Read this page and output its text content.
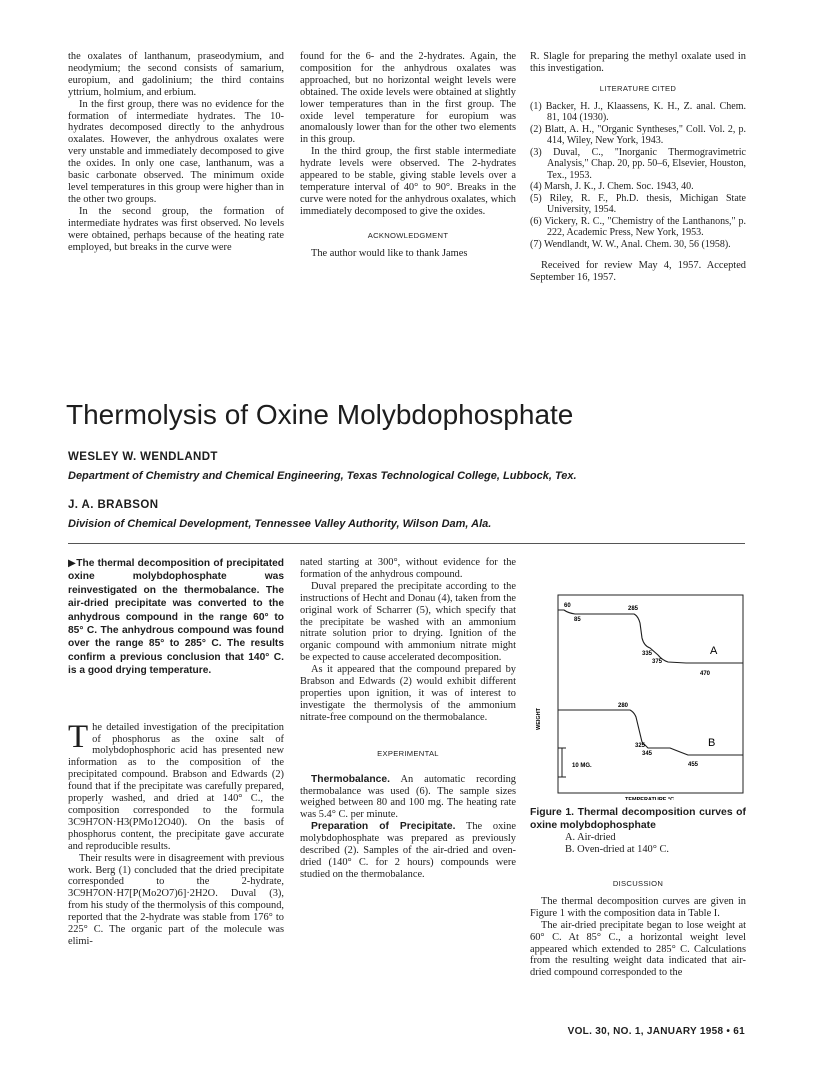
the oxalates of lanthanum, praseodymium, and neodymium; the second consists of samarium, europium, and gadolinium; the third contains yttrium, holmium, and erbium.

In the first group, there was no evidence for the formation of intermediate hydrates. The 10-hydrates decomposed directly to the anhydrous oxalates. However, the anhydrous oxalates were very unstable and immediately decomposed to give the oxides. In only one case, lanthanum, was a basic carbonate observed. The minimum oxide level temperatures in this group were higher than in the other two groups.

In the second group, the formation of intermediate hydrates was first observed. No levels were obtained, perhaps because of the heating rate employed, but breaks in the curve were

found for the 6- and the 2-hydrates. Again, the composition for the anhydrous oxalates was approached, but no horizontal weight levels were obtained. The oxide levels were obtained at slightly lower temperatures than in the first group. The oxide level temperature for europium was anomalously lower than for the other two elements in this group.

In the third group, the first stable intermediate hydrate levels were observed. The 2-hydrates appeared to be stable, giving stable levels over a temperature interval of 40° to 90°. Breaks in the curve were noted for the anhydrous oxalates, which immediately decomposed to give the oxides.

ACKNOWLEDGMENT

The author would like to thank James

R. Slagle for preparing the methyl oxalate used in this investigation.

LITERATURE CITED

(1) Backer, H. J., Klaassens, K. H., Z. anal. Chem. 81, 104 (1930).

(2) Blatt, A. H., "Organic Syntheses," Coll. Vol. 2, p. 414, Wiley, New York, 1943.

(3) Duval, C., "Inorganic Thermogravimetric Analysis," Chap. 20, pp. 50–6, Elsevier, Houston, Tex., 1953.

(4) Marsh, J. K., J. Chem. Soc. 1943, 40.

(5) Riley, R. F., Ph.D. thesis, Michigan State University, 1954.

(6) Vickery, R. C., "Chemistry of the Lanthanons," p. 222, Academic Press, New York, 1953.

(7) Wendlandt, W. W., Anal. Chem. 30, 56 (1958).

Received for review May 4, 1957. Accepted September 16, 1957.

Thermolysis of Oxine Molybdophosphate
WESLEY W. WENDLANDT
Department of Chemistry and Chemical Engineering, Texas Technological College, Lubbock, Tex.
J. A. BRABSON
Division of Chemical Development, Tennessee Valley Authority, Wilson Dam, Ala.

▶The thermal decomposition of precipitated oxine molybdophosphate was reinvestigated on the thermobalance. The air-dried precipitate was converted to the anhydrous compound in the range 60° to 85° C. The anhydrous compound was found over the range 85° to 285° C. The results confirm a previous conclusion that 140° C. is a good drying temperature.

The detailed investigation of the precipitation of phosphorus as the oxine salt of molybdophosphoric acid has presented new information as to the composition of the precipitated compound. Brabson and Edwards (2) found that if the precipitate was carefully prepared, properly washed, and dried at 140° C., the composition corresponded to the formula 3C9H7ON·H3(PMo12O40). On the basis of phosphorus content, the precipitate gave accurate and reproducible results.

Their results were in disagreement with previous work. Berg (1) concluded that the dried precipitate corresponded to the 2-hydrate, 3C9H7ON·H7[P(Mo2O7)6]·2H2O. Duval (3), from his study of the thermolysis of this compound, reported that the 2-hydrate was stable from 176° to 225° C. The organic part of the molecule was elimi-

nated starting at 300°, without evidence for the formation of the anhydrous compound.

Duval prepared the precipitate according to the instructions of Hecht and Donau (4), taken from the original work of Scharrer (5), which specify that the precipitate be washed with an ammonium nitrate solution prior to drying. Ignition of the organic compound with ammonium nitrate might be expected to cause accelerated decomposition.

As it appeared that the compound prepared by Brabson and Edwards (2) would exhibit different properties upon ignition, it was of interest to investigate the thermolysis of the ammonium nitrate-free compound on the thermobalance.

EXPERIMENTAL

Thermobalance. An automatic recording thermobalance was used (6). The sample sizes weighed between 80 and 100 mg. The heating rate was 5.4° C. per minute.

Preparation of Precipitate. The oxine molybdophosphate was prepared as previously described (2). Samples of the air-dried and oven-dried (140° C. for 2 hours) compounds were studied on the thermobalance.

10 MG.
60
85
285
335
375
470
A
280
325
345
455
B
TEMPERATURE °C.
WEIGHT
Figure 1. Thermal decomposition curves of oxine molybdophosphate
A. Air-dried
B. Oven-dried at 140° C.

DISCUSSION

The thermal decomposition curves are given in Figure 1 with the composition data in Table I.

The air-dried precipitate began to lose weight at 60° C. At 85° C., a horizontal weight level appeared which extended to 285° C. Calculations from the resulting weight data indicated that air-dried compound corresponded to the

VOL. 30, NO. 1, JANUARY 1958 • 61
